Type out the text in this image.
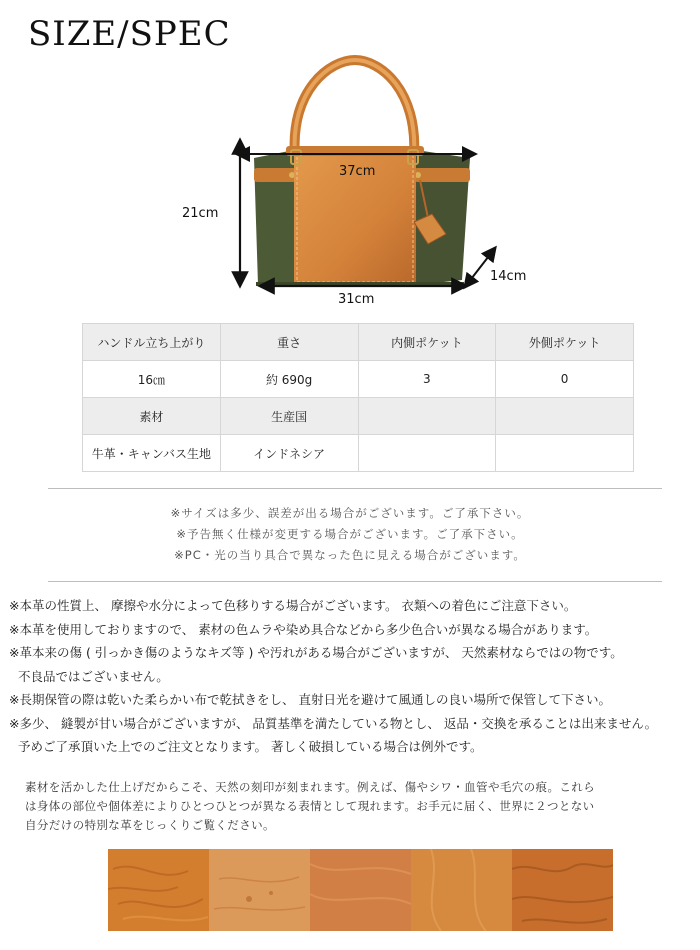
SIZE/SPEC
37cm
21cm
31cm
14cm
ハンドル立ち上がり	重さ	内側ポケット	外側ポケット
16㎝	約 690g	3	0
素材	生産国		
牛革・キャンバス生地	インドネシア		

※サイズは多少、誤差が出る場合がございます。ご了承下さい。

※予告無く仕様が変更する場合がございます。ご了承下さい。

※PC・光の当り具合で異なった色に見える場合がございます。

※本革の性質上、 摩擦や水分によって色移りする場合がございます。 衣類への着色にご注意下さい。

※本革を使用しておりますので、 素材の色ムラや染め具合などから多少色合いが異なる場合があります。

※革本来の傷 ( 引っかき傷のようなキズ等 ) や汚れがある場合がございますが、 天然素材ならではの物です。

不良品ではございません。

※長期保管の際は乾いた柔らかい布で乾拭きをし、 直射日光を避けて風通しの良い場所で保管して下さい。

※多少、 縫製が甘い場合がございますが、 品質基準を満たしている物とし、 返品・交換を承ることは出来ません。

予めご了承頂いた上でのご注文となります。 著しく破損している場合は例外です。

素材を活かした仕上げだからこそ、天然の刻印が刻まれます。例えば、傷やシワ・血管や毛穴の痕。これら

は身体の部位や個体差によりひとつひとつが異なる表情として現れます。お手元に届く、世界に２つとない

自分だけの特別な革をじっくりご覧ください。
